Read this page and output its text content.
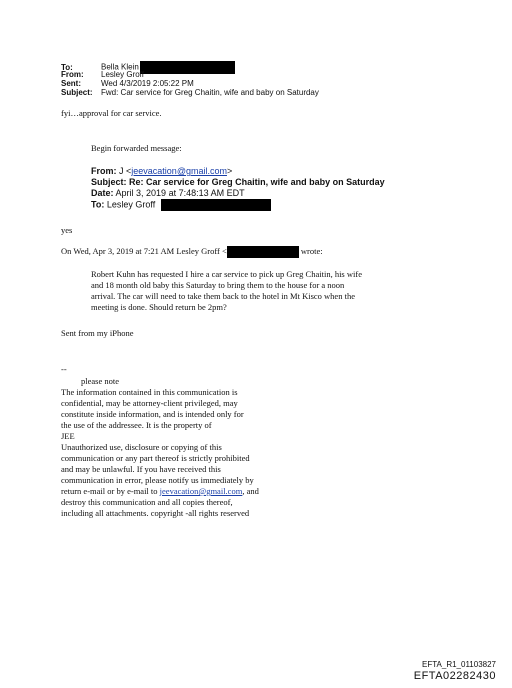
To:	Bella Klein
From: Lesley Groff
Sent:	Wed 4/3/2019 2:05:22 PM
Subject: Fwd: Car service for Greg Chaitin, wife and baby on Saturday
fyi…approval for car service.
Begin forwarded message:
From: J <jeevacation@gmail.com>
Subject: Re: Car service for Greg Chaitin, wife and baby on Saturday
Date: April 3, 2019 at 7:48:13 AM EDT
To: Lesley Groff
yes
On Wed, Apr 3, 2019 at 7:21 AM Lesley Groff <	wrote:
Robert Kuhn has requested I hire a car service to pick up Greg Chaitin, his wife
and 18 month old baby this Saturday to bring them to the house for a noon
arrival. The car will need to take them back to the hotel in Mt Kisco when the
meeting is done. Should return be 2pm?
Sent from my iPhone
--
please note
The information contained in this communication is
confidential, may be attorney-client privileged, may
constitute inside information, and is intended only for
the use of the addressee. It is the property of
JEE
Unauthorized use, disclosure or copying of this
communication or any part thereof is strictly prohibited
and may be unlawful. If you have received this
communication in error, please notify us immediately by
return e-mail or by e-mail to jeevacation@gmail.com, and
destroy this communication and all copies thereof,
including all attachments. copyright -all rights reserved
EFTA_R1_01103827
EFTA02282430
